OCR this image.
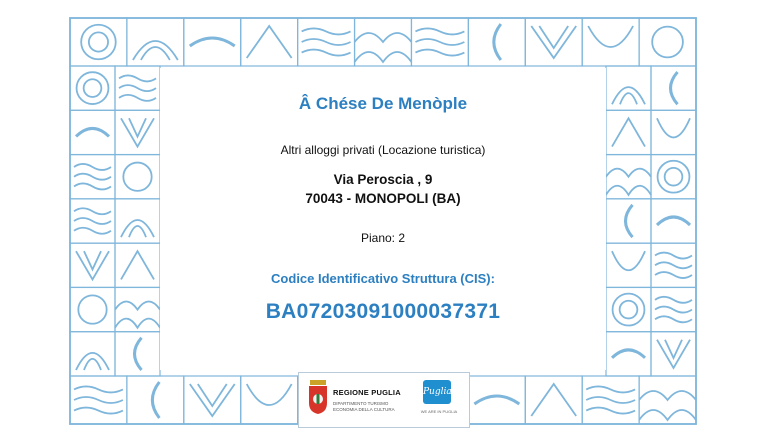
Â Chése De Menòple
Altri alloggi privati (Locazione turistica)
Via Peroscia , 9
70043 - MONOPOLI (BA)
Piano: 2
Codice Identificativo Struttura (CIS):
BA07203091000037371
REGIONE PUGLIA
DIPARTIMENTO TURISMO
ECONOMIA DELLA CULTURA
Puglia
WE ARE IN PUGLIA
